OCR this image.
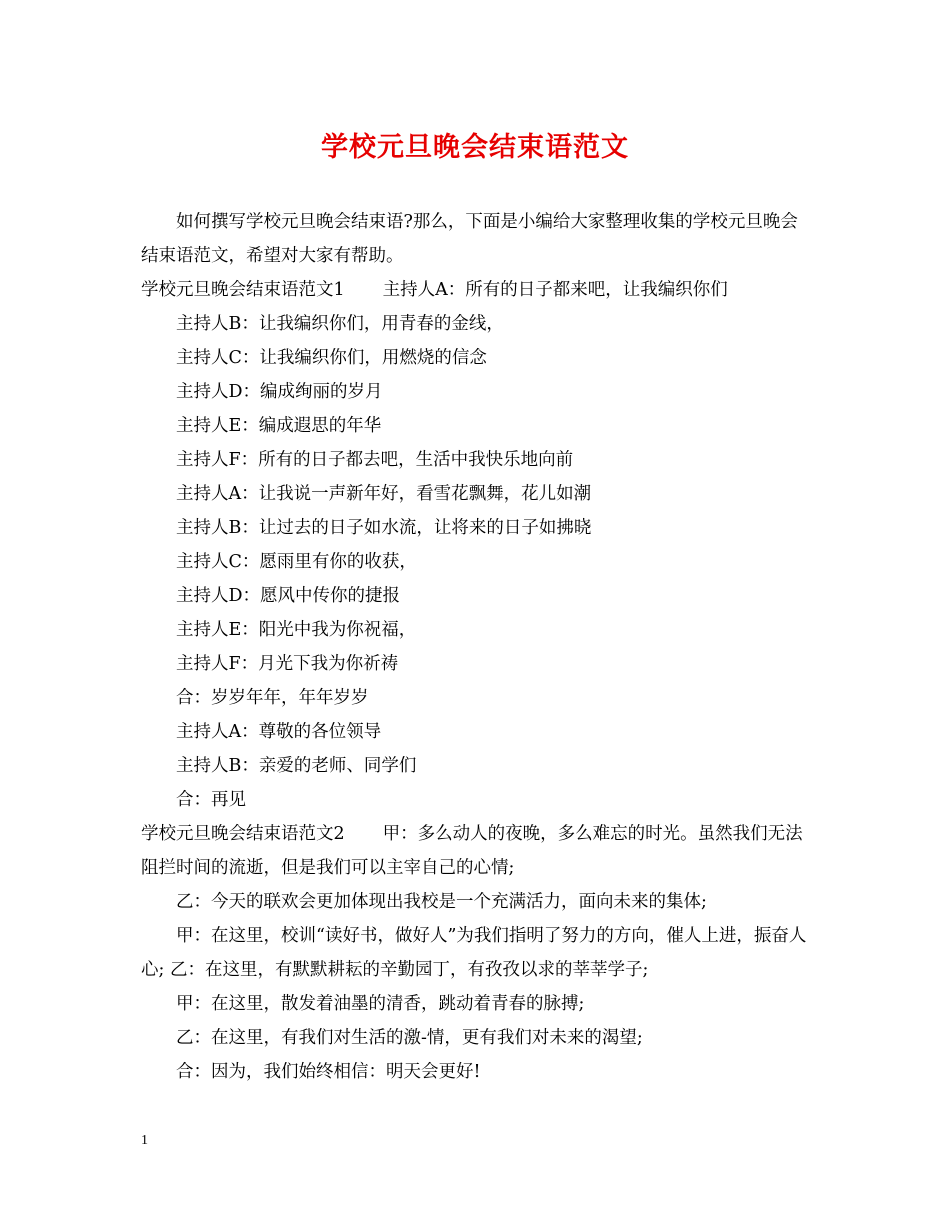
学校元旦晚会结束语范文

如何撰写学校元旦晚会结束语?那么，下面是小编给大家整理收集的学校元旦晚会结束语范文，希望对大家有帮助。

学校元旦晚会结束语范文1 主持人A：所有的日子都来吧，让我编织你们

主持人B：让我编织你们，用青春的金线，

主持人C：让我编织你们，用燃烧的信念

主持人D：编成绚丽的岁月

主持人E：编成遐思的年华

主持人F：所有的日子都去吧，生活中我快乐地向前

主持人A：让我说一声新年好，看雪花飘舞，花儿如潮

主持人B：让过去的日子如水流，让将来的日子如拂晓

主持人C：愿雨里有你的收获，

主持人D：愿风中传你的捷报

主持人E：阳光中我为你祝福，

主持人F：月光下我为你祈祷

合：岁岁年年，年年岁岁

主持人A：尊敬的各位领导

主持人B：亲爱的老师、同学们

合：再见

学校元旦晚会结束语范文2 甲：多么动人的夜晚，多么难忘的时光。虽然我们无法阻拦时间的流逝，但是我们可以主宰自己的心情;

乙：今天的联欢会更加体现出我校是一个充满活力，面向未来的集体;

甲：在这里，校训“读好书，做好人”为我们指明了努力的方向，催人上进，振奋人心; 乙：在这里，有默默耕耘的辛勤园丁，有孜孜以求的莘莘学子;

甲：在这里，散发着油墨的清香，跳动着青春的脉搏;

乙：在这里，有我们对生活的激-情，更有我们对未来的渴望;

合：因为，我们始终相信：明天会更好!

1
